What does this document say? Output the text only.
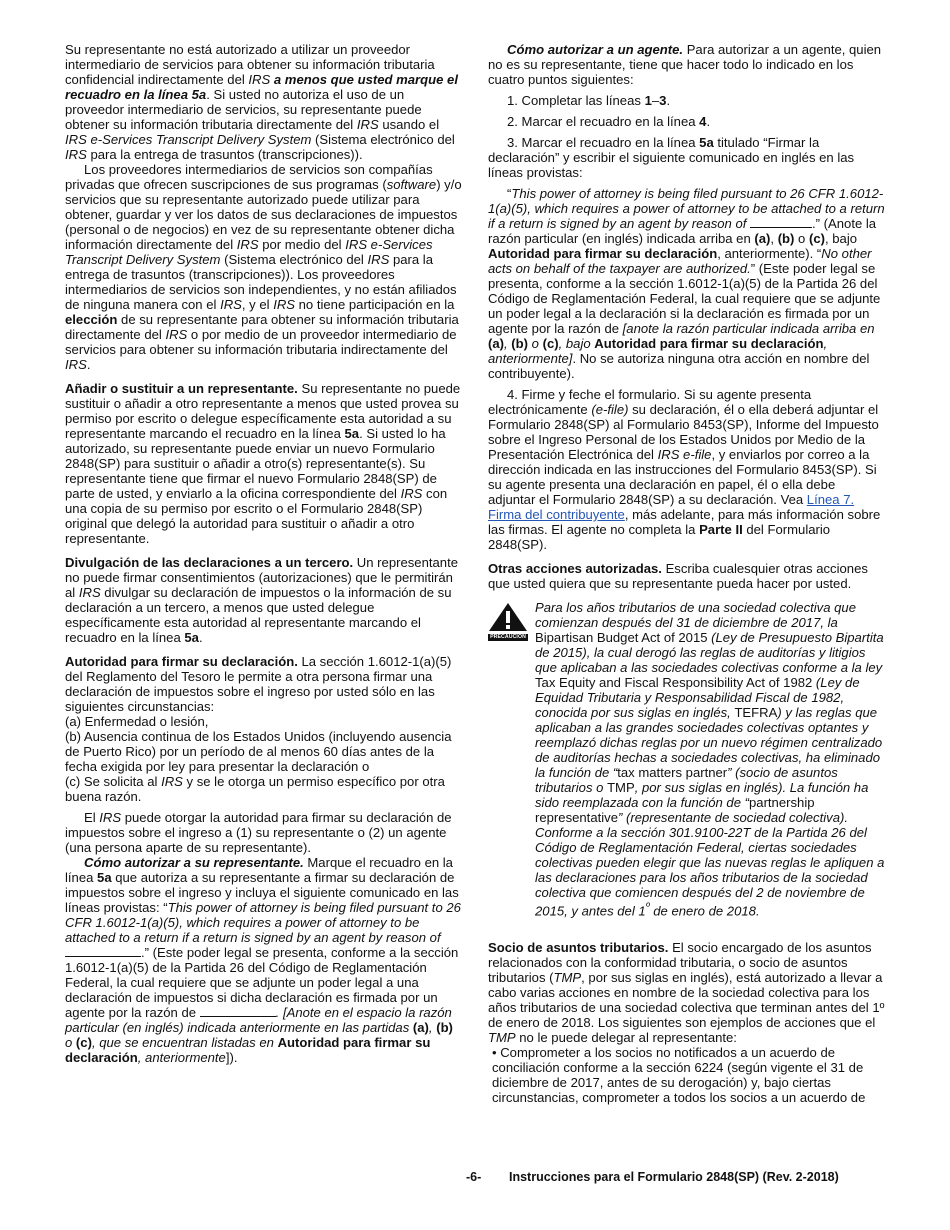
Su representante no está autorizado a utilizar un proveedor intermediario de servicios para obtener su información tributaria confidencial indirectamente del IRS a menos que usted marque el recuadro en la línea 5a. Si usted no autoriza el uso de un proveedor intermediario de servicios, su representante puede obtener su información tributaria directamente del IRS usando el IRS e-Services Transcript Delivery System (Sistema electrónico del IRS para la entrega de trasuntos (transcripciones)).

Los proveedores intermediarios de servicios son compañías privadas que ofrecen suscripciones de sus programas (software) y/o servicios que su representante autorizado puede utilizar para obtener, guardar y ver los datos de sus declaraciones de impuestos (personal o de negocios) en vez de su representante obtener dicha información directamente del IRS por medio del IRS e-Services Transcript Delivery System (Sistema electrónico del IRS para la entrega de trasuntos (transcripciones)). Los proveedores intermediarios de servicios son independientes, y no están afiliados de ninguna manera con el IRS, y el IRS no tiene participación en la elección de su representante para obtener su información tributaria directamente del IRS o por medio de un proveedor intermediario de servicios para obtener su información tributaria indirectamente del IRS.

Añadir o sustituir a un representante. Su representante no puede sustituir o añadir a otro representante a menos que usted provea su permiso por escrito o delegue específicamente esta autoridad a su representante marcando el recuadro en la línea 5a. Si usted lo ha autorizado, su representante puede enviar un nuevo Formulario 2848(SP) para sustituir o añadir a otro(s) representante(s). Su representante tiene que firmar el nuevo Formulario 2848(SP) de parte de usted, y enviarlo a la oficina correspondiente del IRS con una copia de su permiso por escrito o el Formulario 2848(SP) original que delegó la autoridad para sustituir o añadir a otro representante.

Divulgación de las declaraciones a un tercero. Un representante no puede firmar consentimientos (autorizaciones) que le permitirán al IRS divulgar su declaración de impuestos o la información de su declaración a un tercero, a menos que usted delegue específicamente esta autoridad al representante marcando el recuadro en la línea 5a.

Autoridad para firmar su declaración. La sección 1.6012-1(a)(5) del Reglamento del Tesoro le permite a otra persona firmar una declaración de impuestos sobre el ingreso por usted sólo en las siguientes circunstancias:

(a) Enfermedad o lesión,

(b) Ausencia continua de los Estados Unidos (incluyendo ausencia de Puerto Rico) por un período de al menos 60 días antes de la fecha exigida por ley para presentar la declaración o

(c) Se solicita al IRS y se le otorga un permiso específico por otra buena razón.

El IRS puede otorgar la autoridad para firmar su declaración de impuestos sobre el ingreso a (1) su representante o (2) un agente (una persona aparte de su representante).

Cómo autorizar a su representante. Marque el recuadro en la línea 5a que autoriza a su representante a firmar su declaración de impuestos sobre el ingreso y incluya el siguiente comunicado en las líneas provistas: “This power of attorney is being filed pursuant to 26 CFR 1.6012-1(a)(5), which requires a power of attorney to be attached to a return if a return is signed by an agent by reason of .” (Este poder legal se presenta, conforme a la sección 1.6012-1(a)(5) de la Partida 26 del Código de Reglamentación Federal, la cual requiere que se adjunte un poder legal a una declaración de impuestos si dicha declaración es firmada por un agente por la razón de	. [Anote en el espacio la razón particular (en inglés) indicada anteriormente en las partidas (a), (b) o (c), que se encuentran listadas en Autoridad para firmar su declaración, anteriormente]).

Cómo autorizar a un agente. Para autorizar a un agente, quien no es su representante, tiene que hacer todo lo indicado en los cuatro puntos siguientes:

1. Completar las líneas 1–3.

2. Marcar el recuadro en la línea 4.

3. Marcar el recuadro en la línea 5a titulado “Firmar la declaración” y escribir el siguiente comunicado en inglés en las líneas provistas:

“This power of attorney is being filed pursuant to 26 CFR 1.6012-1(a)(5), which requires a power of attorney to be attached to a return if a return is signed by an agent by reason of	.” (Anote la razón particular (en inglés) indicada arriba en (a), (b) o (c), bajo Autoridad para firmar su declaración, anteriormente). “No other acts on behalf of the taxpayer are authorized.” (Este poder legal se presenta, conforme a la sección 1.6012-1(a)(5) de la Partida 26 del Código de Reglamentación Federal, la cual requiere que se adjunte un poder legal a la declaración si la declaración es firmada por un agente por la razón de [anote la razón particular indicada arriba en (a), (b) o (c), bajo Autoridad para firmar su declaración, anteriormente]. No se autoriza ninguna otra acción en nombre del contribuyente).

4. Firme y feche el formulario. Si su agente presenta electrónicamente (e-file) su declaración, él o ella deberá adjuntar el Formulario 2848(SP) al Formulario 8453(SP), Informe del Impuesto sobre el Ingreso Personal de los Estados Unidos por Medio de la Presentación Electrónica del IRS e-file, y enviarlos por correo a la dirección indicada en las instrucciones del Formulario 8453(SP). Si su agente presenta una declaración en papel, él o ella debe adjuntar el Formulario 2848(SP) a su declaración. Vea Línea 7. Firma del contribuyente, más adelante, para más información sobre las firmas. El agente no completa la Parte II del Formulario 2848(SP).

Otras acciones autorizadas. Escriba cualesquier otras acciones que usted quiera que su representante pueda hacer por usted.

PRECAUCIÓN

Para los años tributarios de una sociedad colectiva que comienzan después del 31 de diciembre de 2017, la Bipartisan Budget Act of 2015 (Ley de Presupuesto Bipartita de 2015), la cual derogó las reglas de auditorías y litigios que aplicaban a las sociedades colectivas conforme a la ley Tax Equity and Fiscal Responsibility Act of 1982 (Ley de Equidad Tributaria y Responsabilidad Fiscal de 1982, conocida por sus siglas en inglés, TEFRA) y las reglas que aplicaban a las grandes sociedades colectivas optantes y reemplazó dichas reglas por un nuevo régimen centralizado de auditorías hechas a sociedades colectivas, ha eliminado la función de “tax matters partner” (socio de asuntos tributarios o TMP, por sus siglas en inglés). La función ha sido reemplazada con la función de “partnership representative” (representante de sociedad colectiva). Conforme a la sección 301.9100-22T de la Partida 26 del Código de Reglamentación Federal, ciertas sociedades colectivas pueden elegir que las nuevas reglas le apliquen a las declaraciones para los años tributarios de la sociedad colectiva que comiencen después del 2 de noviembre de 2015, y antes del $1^º$ de enero de 2018.

Socio de asuntos tributarios. El socio encargado de los asuntos relacionados con la conformidad tributaria, o socio de asuntos tributarios (TMP, por sus siglas en inglés), está autorizado a llevar a cabo varias acciones en nombre de la sociedad colectiva para los años tributarios de una sociedad colectiva que terminan antes del 1º de enero de 2018. Los siguientes son ejemplos de acciones que el TMP no le puede delegar al representante:

• Comprometer a los socios no notificados a un acuerdo de conciliación conforme a la sección 6224 (según vigente el 31 de diciembre de 2017, antes de su derogación) y, bajo ciertas circunstancias, comprometer a todos los socios a un acuerdo de

-6- Instrucciones para el Formulario 2848(SP) (Rev. 2-2018)
